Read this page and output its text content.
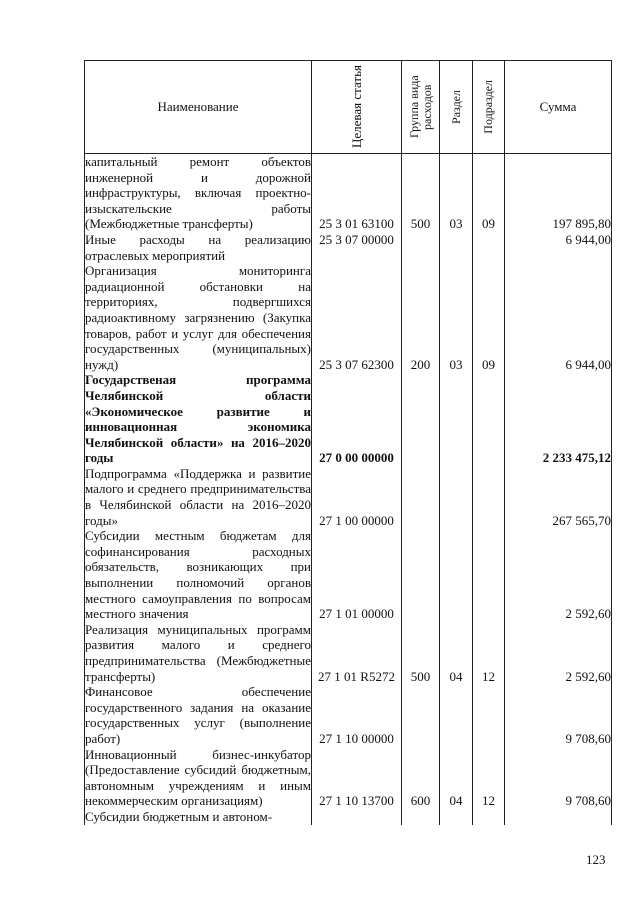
Наименование	Целевая статья	Группа вида расходов	Раздел	Подраздел	Сумма

капитальный ремонт объектов инженерной и дорожной инфраструктуры, включая проектно-изыскательские работы (Межбюджетные трансферты)	25 3 01 63100	500	03	09	197 895,80
Иные расходы на реализацию отраслевых мероприятий	25 3 07 00000				6 944,00
Организация мониторинга радиационной обстановки на территориях, подвергшихся радиоактивному загрязнению (Закупка товаров, работ и услуг для обеспечения государственных (муниципальных) нужд)	25 3 07 62300	200	03	09	6 944,00
Государственая программа Челябинской области «Экономическое развитие и инновационная экономика Челябинской области» на 2016–2020 годы	27 0 00 00000				2 233 475,12
Подпрограмма «Поддержка и развитие малого и среднего предпринимательства в Челябинской области на 2016–2020 годы»	27 1 00 00000				267 565,70
Субсидии местным бюджетам для софинансирования расходных обязательств, возникающих при выполнении полномочий органов местного самоуправления по вопросам местного значения	27 1 01 00000				2 592,60
Реализация муниципальных программ развития малого и среднего предпринимательства (Межбюджетные трансферты)	27 1 01 R5272	500	04	12	2 592,60
Финансовое обеспечение государственного задания на оказание государственных услуг (выполнение работ)	27 1 10 00000				9 708,60
Инновационный бизнес-инкубатор (Предоставление субсидий бюджетным, автономным учреждениям и иным некоммерческим организациям)	27 1 10 13700	600	04	12	9 708,60
Субсидии бюджетным и автоном-					
123
